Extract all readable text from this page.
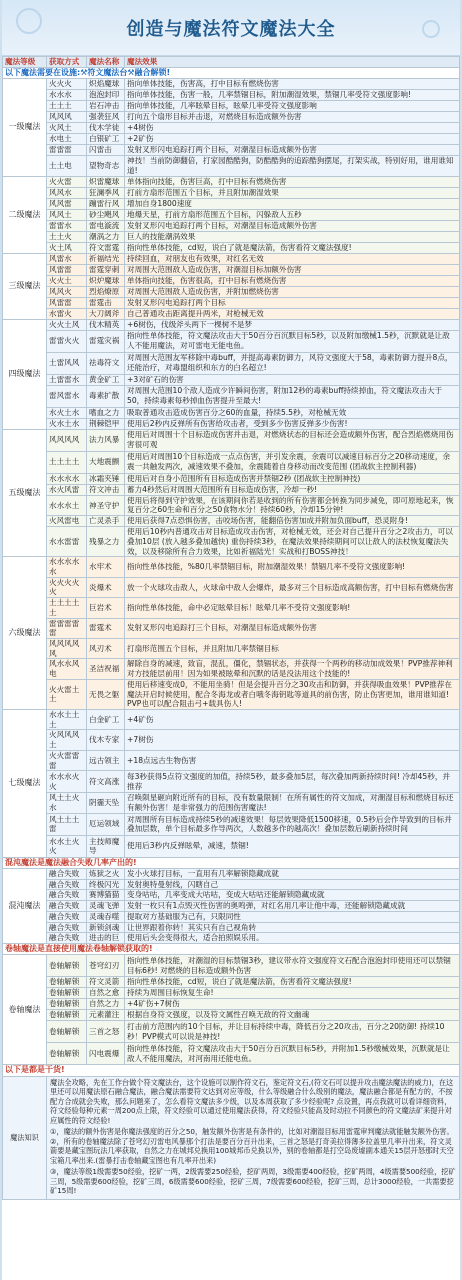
创造与魔法符文魔法大全
魔法等级	获取方式	魔法名称	魔法效果
以下魔法需要在设施:⚒符文魔法台⚒融合解锁!			
一级魔法	火火火	炽焰魔球	指向单体技能，伤害高，打中目标有燃烧伤害
	水水水	泡泡封印	指向单体技能，伤害一般，几率禁锢目标，附加潮湿效果，禁锢几率受符文强度影响!
	土土土	岩石冲击	指向单体技能，几率眩晕目标，眩晕几率受符文强度影响
	风风风	强袭狂风	打向五个扇形目标并击退，对燃烧目标造成额外伤害
	火风土	伐木学徒	+4树伤
	水电土	白银矿工	+2矿伤
	雷雷雷	闪雷击	发射叉形闪电追踪打两个目标，对潮湿目标造成额外伤害
	土土电	望物奇志	神技！当前防御翻倍，打家园酷酷狗，防酷酷狗的追踪酷狗摆尾，打架实战，特别好用，谁用谁知道!
二级魔法	火火雷	炽雷魔球	单体指向技能，伤害巨高，打中目标有燃烧伤害
	风风水	狂澜季风	打前方扇形范围五个目标，并且附加潮湿效果
	风风雷	蹦雷行风	增加自身1800速度
	风风土	砂尘飓风	地爆天星，打前方扇形范围五个目标，闪躲敌人五秒
	雷雷水	雷电漩流	发射叉形闪电追踪打两个目标，对潮湿目标造成额外伤害
	土土火	潮涡之力	巨人的技能潮涡效果
	火土风	符文雷霆	指向性单体技能，cd短，说白了就是魔法箭，伤害看符文魔法强度!
三级魔法	风雷水	祈福结光	持续回血，对朋友也有效果，对红名无效
	风雷雷	雷霆穿刺	对周围大范围敌人造成伤害，对潮湿目标加额外伤害
	火火土	炽炉魔球	单体指向技能，伤害很高，打中目标有燃烧伤害
	风风火	烈焰燎原	对周围大范围敌人造成伤害，并附加燃烧伤害
	风雷雷	雷霆击	发射叉形闪电追踪打两个目标
	水雷火	大刀阔斧	自己普通攻击距离提升两米，对枪械无效
四级魔法	火火土风	伐木精英	+6树伤，伐级斧头两下一棵树不是梦
	雷雷火火	雷霆灾祸	指向性单体技能，符文魔法攻击大于50百分百沉默目标5秒，以及附加缴械1.5秒，沉默就是让敌人不能用魔法，对可雷电无能电鱼。
	土雷风风	祛毒符文	对周围大范围友军移除中毒buff，并提高毒素防御力，风符文强度大于58，毒素防御力提升8点，还能治疗，对毒盟组织和东方的白名超立!
	土雷雷水	黄金矿工	+3对矿石的伤害
	雷风雷水	毒素扩散	对周围大范围10个敌人造成少许瞬间伤害，附加12秒的毒素buff持续掉血，符文魔法攻击大于50，持续毒素每秒掉血伤害提升至最大!
	水火土水	嗜血之力	吸取普通攻击造成伤害百分之60的血量，持续5.5秒，对枪械无效
	火水土水	荆棘铠甲	使用后2秒内反弹所有伤害给攻击者，受到多少伤害反弹多少伤害!
五级魔法	风风风风	法力风暴	使用后对周围十个目标造成伤害并击退，对燃烧状态的目标还会造成额外伤害，配合烈焰燃烧用伤害很可观
	土土土土	大地震颤	使用后对周围10个目标造成一点点伤害，并引发余震，余震可以减速目标百分之20移动速度，余震一共触发两次，减速效果不叠加，余震随着自身移动而改变范围 (团战软主控制利器)
	水水水水	冰霜夹锤	使用后对自身小范围所有目标造成伤害并禁锢2秒 (团战软主控制神技)
	水火风雷	符文冲击	蓄力4秒然后对周围大范围所有目标造成伤害，冷却一秒!
	水水水土	神圣守护	使用后将得到守护效果，在该期间你若是收到的所有伤害都会转换为同步减免，即可原地起来，恢复百分之60生命和百分之50食物水分！持续60秒，冷却15分钟!
	火风雷电	亡灵杀手	使用后获得7点恐惧伤害，击咬场伤害，能翻倍伤害加成并附加负面buff，恐灵附身!
	水水雷雷	残暴之力	使用后10秒内普通攻击对目标造成攻击伤害，对枪械无效，还会对自己提升百分之2攻击力，可以叠加10层 (放入越多叠加越快) 重伤持续3秒，在魔法效果持续期间可以让敌人的法杖恢复魔法失效，以及移除所有合力效果，比如祈福陆光！实战和打BOSS神技！
六级魔法	水水水水水	水牢术	指向性单体技能，%80几率禁锢目标，附加潮湿效果！禁锢几率不受符文强度影响!
	火火火火火	炎爆术	放一个火球攻击敌人，火球命中敌人会爆炸，最多对三个目标造成高额伤害，打中目标有燃烧伤害
	土土土土土	巨岩术	指向性单体技能，命中必定眩晕目标！眩晕几率不受符文强度影响!
	雷雷雷雷雷	雷霆术	发射叉形闪电追踪打三个目标，对潮湿目标造成额外伤害
	风风风风风	风刃术	打扇形范围五个目标，并且附加几率禁锢目标
	风水水风电	圣洁祝福	解除自身的减速，致盲，混乱，僵化，禁锢状态，并获得一个两秒的移动加成效果！PVP推荐神利对方技能层前用！因为如果被眩晕和沉默的话是没法用这个技能的!
	火火雷土土	无畏之躯	使用后移速变成0，不能用坐骑！但是会提升百分之30攻击和防御，并获得吸血效果！PVP推荐在魔法开启时候使用，配合冬海龙或者白哦冬海钥匙等道具的前伤害，防止伤害更加，谁用谁知道! PVP也可以配合阻击弓+载具伤人!
七级魔法	水水土土土	白金矿工	+4矿伤
	火风风风土	伐木专家	+7树伤
	火火雷雷雷	远古领主	+18点远古生物伤害
	水水水火火	符文高涨	每3秒获得5点符文强度的加值，持续5秒，最多叠加5层，每次叠加两新持续时间! 冷却45秒，并推荐
	风土土火水	阴霾天坠	召唤陨星砸向附近所有的目标，没有数量限制！在所有属性的符文加成，对潮湿目标和燃烧目标还有额外伤害！是非常强力的范围伤害魔法!
	风土土土雷	厄运领域	对周围所有目标造成持续5秒的减速效果！每层效果降低1500移速，0.5秒后会作导致到的目标并叠加层数，单个目标最多作导两次，人数越多作的越高次！叠加层数后刷新持续时间
	水水土火火	主技师魔导	使用后3秒内反弹眩晕，减速，禁锢!
混沌魔法是魔法融合失败几率产出的!			
混沌魔法	融合失败	炼狱之火	发小火球打目标，一直用有几率解锁隐藏成就
	融合失败	终极闪光	发射奥特曼射线，闪瞎自己
	融合失败	赛博猫猫	变身咕咕，几率变成大咕咕，变成大咕咕还能解锁隐藏成就
	融合失败	灵魂飞弹	发射一枚只有1点毁灭性伤害的奥鸣弹，对红名用几率让他中毒，还能解锁隐藏成就
	融合失败	灵魂吞噬	提取对方基础服为己有，只限同性
	融合失败	新锁剑魂	让世界跟着你转！其实只有自己视角转
	融合失败	进击的巨	使用后头会变得很大，适合拍照娱乐用。
卷轴魔法是直接使用魔法卷轴解锁获取的!			
卷轴魔法	卷轴解锁	苍穹幻刃	指向性单体技能，对潮湿的目标禁锢3秒，建议带水符文强度符文石配合泡泡封印使用还可以禁锢目标6秒! 对燃烧的目标造成额外伤害
	卷轴解锁	符文灵箭	指向性单体技能，cd短，说白了就是魔法箭，伤害看符文魔法强度!
	卷轴解锁	自然之愈	持续为周围目标恢复生命!
	卷轴解锁	自然之力	+4矿伤+7树伤
	卷轴解锁	元素灌注	根据自身符文强度，以及符文属性召唤无敌的符文幽魂
	卷轴解锁	三首之怒	打击前方范围内的10个目标，并让目标持续中毒，降低百分之20攻击，百分之20防御! 持续10秒！PVP模式可以说是神技!
	卷轴解锁	闪电震爆	指向性单体技能，符文魔法攻击大于50百分百沉默目标5秒，并附加1.5秒缴械效果，沉默就是让敌人不能用魔法，对河南用还能电鱼。
以下是都是干货!			
魔法知识	魔法全攻略，先在工作台做个符文魔法台，这个设施可以制作符文石，鉴定符文石,(符文石可以提升攻击魔法魔法的威力)，在这里还可以用魔法原石融合魔法，融合魔法需要符文达到对应等级，什么等级融合什么级别的魔法，魔法融合都是有配方的，不按配方合成就会失败，那么问题来了，怎么看符文魔法多少级，以及本周获取了多少经验呢? 点设置，再点我就可以看详细资料，符文经验每种元素一周200点上限，符文经验可以通过使用魔法获得，符文经验只能高及时动拉不同颜色的符文魔法矿来提升对应属性的符文经验!
①，魔法的额外伤害是你魔法强度的百分之50，触发额外伤害是有条件的，比如对潮湿目标用雷霆审判魔法就能触发额外伤害。②，所有的卷轴魔法除了苍穹幻刃雷电风暴那个打法是要百分百升出来，三首之怒是打奇美拉得薄多拉盖里几率升出来，符文灵箭要是藏宝图玩法几率获取，自然之力在城邦兑换用100城邦币兑换以外，别的卷轴都是打空岛废墟副本通关15层开怒那时天空宝箱几率出来.(雷暴打击卷轴藏宝图也有几率开出来)
③，魔法等级1级需要50经验，挖矿一两，2级需要250经验，挖矿两周，3级需要400经验，挖矿两周，4级需要500经验，挖矿三周，5级需要600经验，挖矿三周，6级需要600经验，挖矿三周，7级需要600经验，挖矿三周，总计3000经验，一共需要挖矿15周!		
